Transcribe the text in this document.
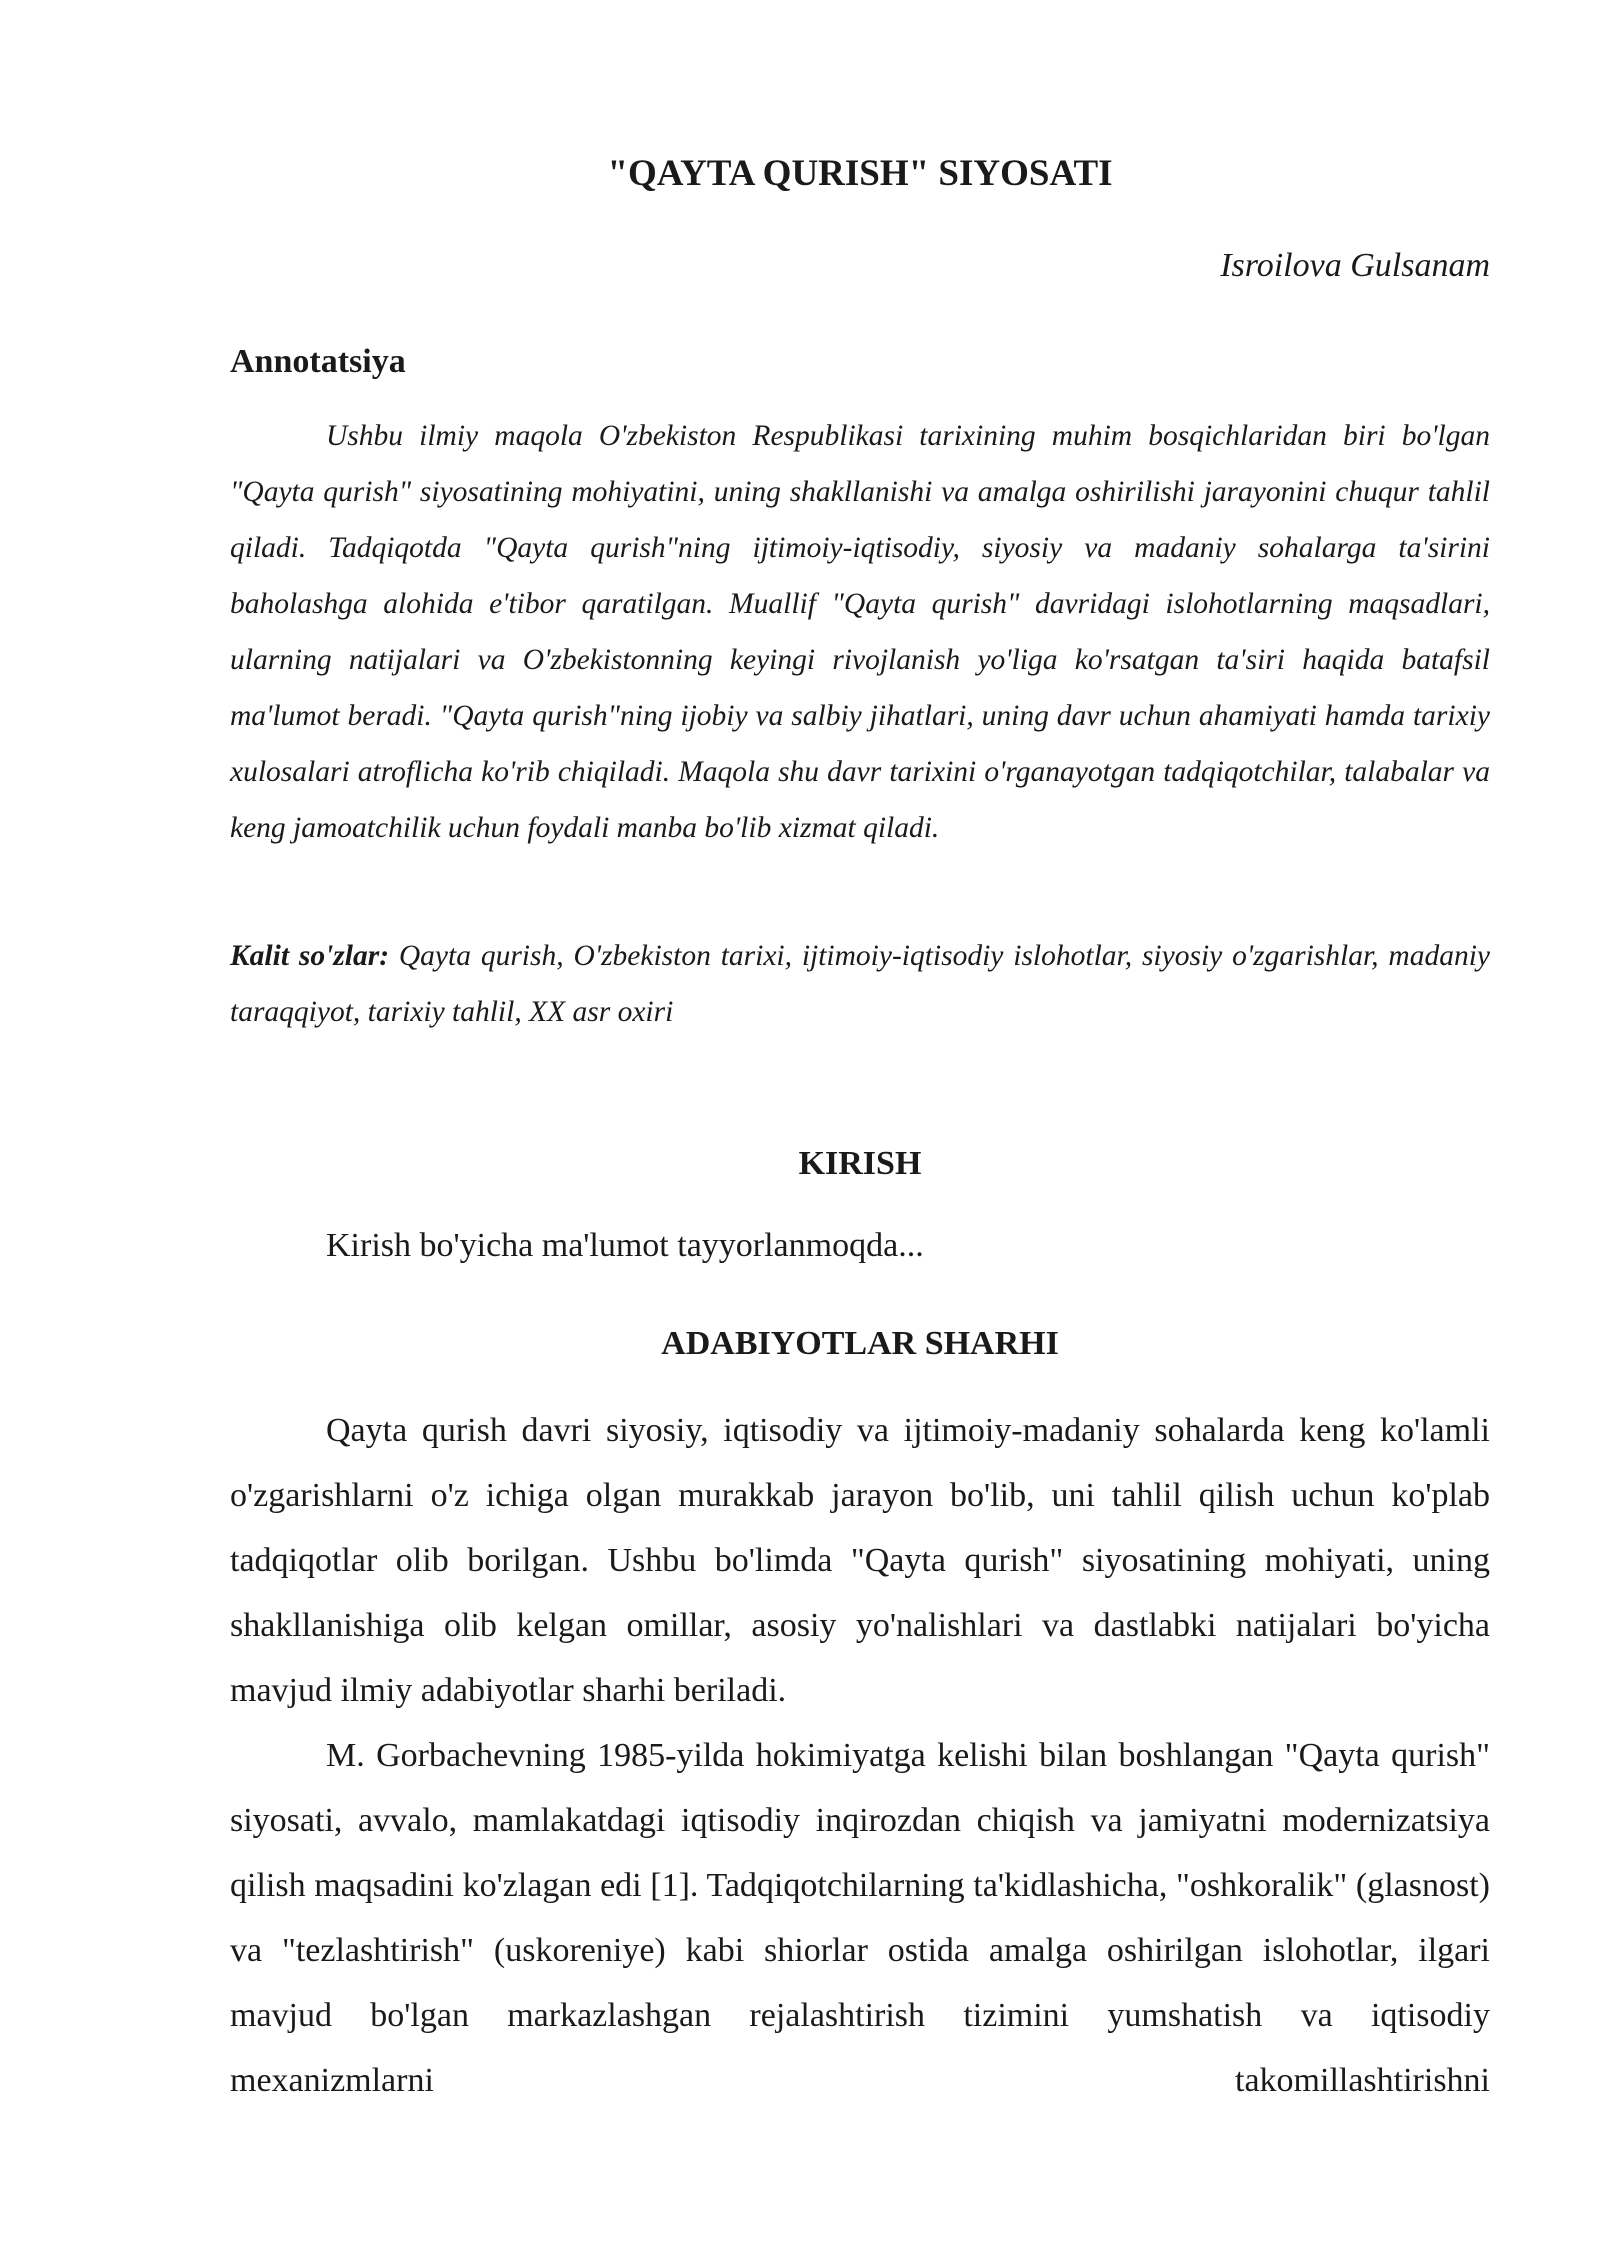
"QAYTA QURISH" SIYOSATI

Isroilova Gulsanam

Annotatsiya

Ushbu ilmiy maqola O'zbekiston Respublikasi tarixining muhim bosqichlaridan biri bo'lgan "Qayta qurish" siyosatining mohiyatini, uning shakllanishi va amalga oshirilishi jarayonini chuqur tahlil qiladi. Tadqiqotda "Qayta qurish"ning ijtimoiy-iqtisodiy, siyosiy va madaniy sohalarga ta'sirini baholashga alohida e'tibor qaratilgan. Muallif "Qayta qurish" davridagi islohotlarning maqsadlari, ularning natijalari va O'zbekistonning keyingi rivojlanish yo'liga ko'rsatgan ta'siri haqida batafsil ma'lumot beradi. "Qayta qurish"ning ijobiy va salbiy jihatlari, uning davr uchun ahamiyati hamda tarixiy xulosalari atroflicha ko'rib chiqiladi. Maqola shu davr tarixini o'rganayotgan tadqiqotchilar, talabalar va keng jamoatchilik uchun foydali manba bo'lib xizmat qiladi.

Kalit so'zlar: Qayta qurish, O'zbekiston tarixi, ijtimoiy-iqtisodiy islohotlar, siyosiy o'zgarishlar, madaniy taraqqiyot, tarixiy tahlil, XX asr oxiri

KIRISH

Kirish bo'yicha ma'lumot tayyorlanmoqda...

ADABIYOTLAR SHARHI

Qayta qurish davri siyosiy, iqtisodiy va ijtimoiy-madaniy sohalarda keng ko'lamli o'zgarishlarni o'z ichiga olgan murakkab jarayon bo'lib, uni tahlil qilish uchun ko'plab tadqiqotlar olib borilgan. Ushbu bo'limda "Qayta qurish" siyosatining mohiyati, uning shakllanishiga olib kelgan omillar, asosiy yo'nalishlari va dastlabki natijalari bo'yicha mavjud ilmiy adabiyotlar sharhi beriladi.

M. Gorbachevning 1985-yilda hokimiyatga kelishi bilan boshlangan "Qayta qurish" siyosati, avvalo, mamlakatdagi iqtisodiy inqirozdan chiqish va jamiyatni modernizatsiya qilish maqsadini ko'zlagan edi [1]. Tadqiqotchilarning ta'kidlashicha, "oshkoralik" (glasnost) va "tezlashtirish" (uskoreniye) kabi shiorlar ostida amalga oshirilgan islohotlar, ilgari mavjud bo'lgan markazlashgan rejalashtirish tizimini yumshatish va iqtisodiy mexanizmlarni takomillashtirishni
